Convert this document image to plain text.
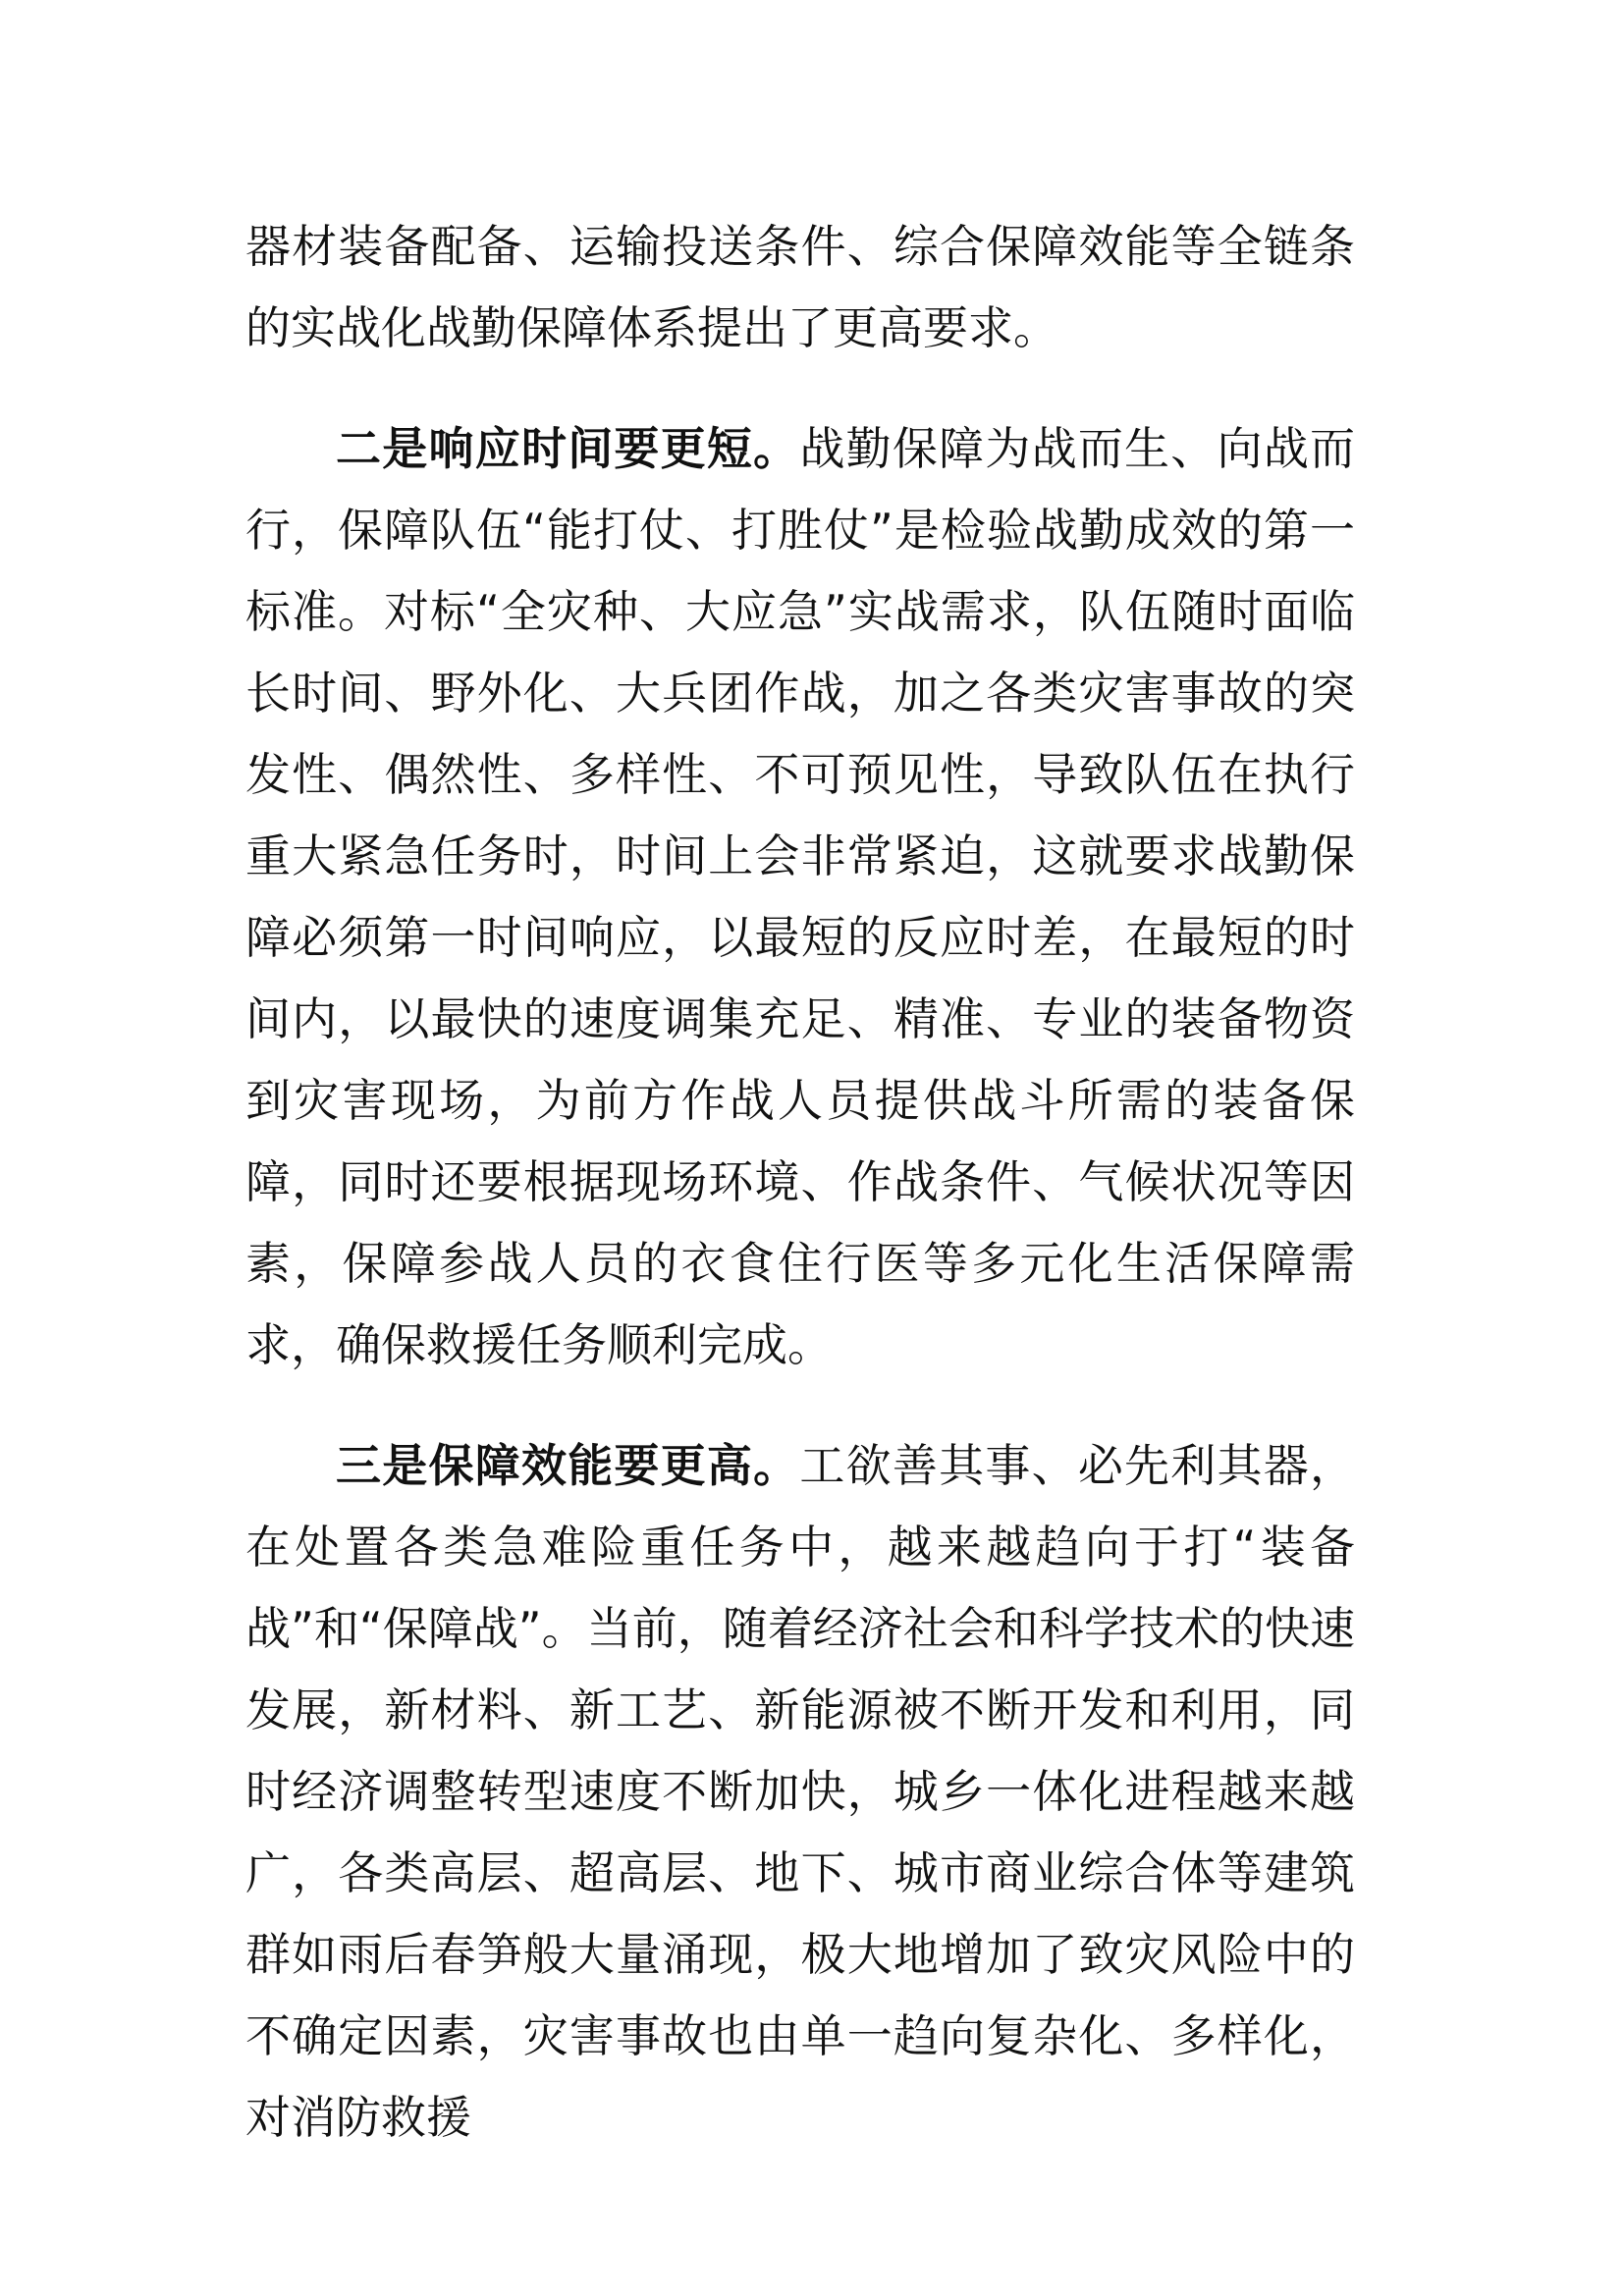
器材装备配备、运输投送条件、综合保障效能等全链条的实战化战勤保障体系提出了更高要求。

二是响应时间要更短。战勤保障为战而生、向战而行，保障队伍“能打仗、打胜仗”是检验战勤成效的第一标准。对标“全灾种、大应急”实战需求，队伍随时面临长时间、野外化、大兵团作战，加之各类灾害事故的突发性、偶然性、多样性、不可预见性，导致队伍在执行重大紧急任务时，时间上会非常紧迫，这就要求战勤保障必须第一时间响应，以最短的反应时差，在最短的时间内，以最快的速度调集充足、精准、专业的装备物资到灾害现场，为前方作战人员提供战斗所需的装备保障，同时还要根据现场环境、作战条件、气候状况等因素，保障参战人员的衣食住行医等多元化生活保障需求，确保救援任务顺利完成。

三是保障效能要更高。工欲善其事、必先利其器，在处置各类急难险重任务中，越来越趋向于打“装备战”和“保障战”。当前，随着经济社会和科学技术的快速发展，新材料、新工艺、新能源被不断开发和利用，同时经济调整转型速度不断加快，城乡一体化进程越来越广，各类高层、超高层、地下、城市商业综合体等建筑群如雨后春笋般大量涌现，极大地增加了致灾风险中的不确定因素，灾害事故也由单一趋向复杂化、多样化，对消防救援
